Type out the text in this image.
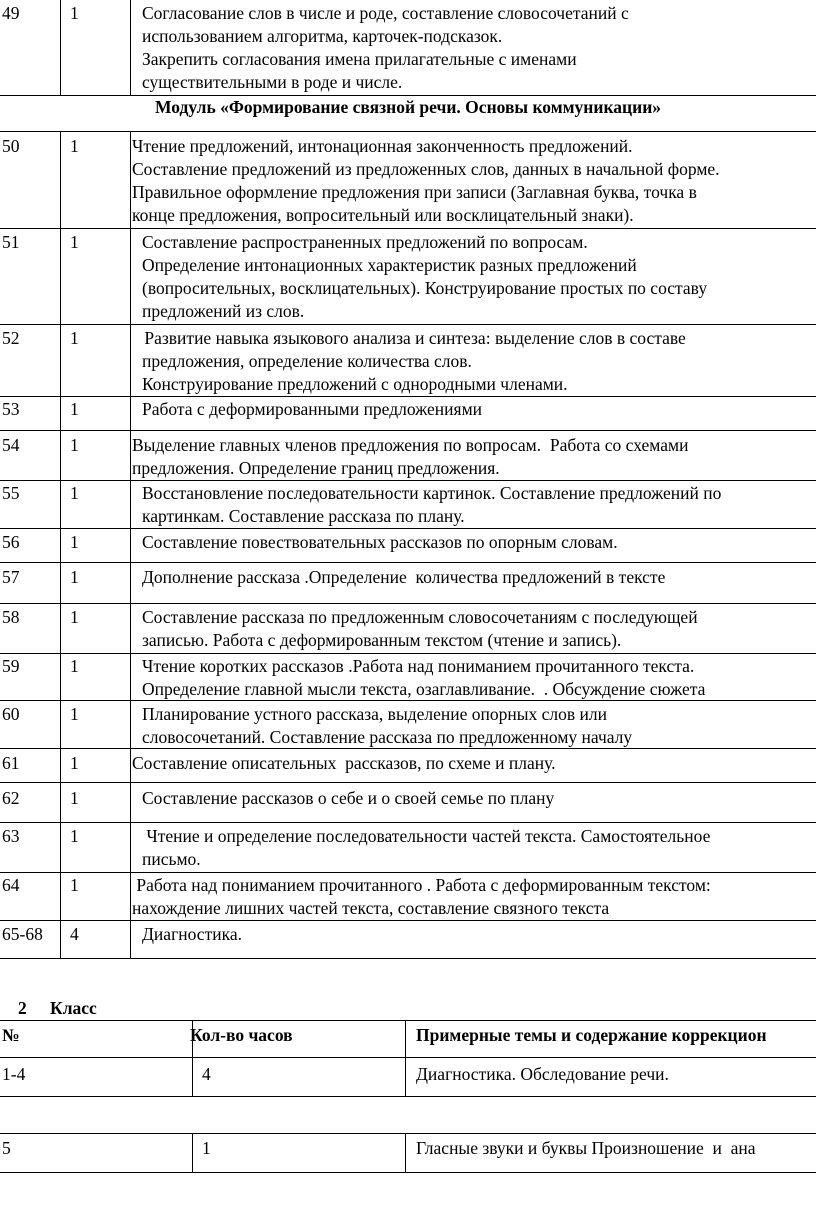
49	1	Согласование слов в числе и роде, составление словосочетаний с
использованием алгоритма, карточек-подсказок.
Закрепить согласования имена прилагательные с именами
существительными в роде и числе.
Модуль «Формирование связной речи. Основы коммуникации»
50	1	Чтение предложений, интонационная законченность предложений.
Составление предложений из предложенных слов, данных в начальной форме.
Правильное оформление предложения при записи (Заглавная буква, точка в
конце предложения, вопросительный или восклицательный знаки).
51	1	Составление распространенных предложений по вопросам.
Определение интонационных характеристик разных предложений
(вопросительных, восклицательных). Конструирование простых по составу
предложений из слов.
52	1	Развитие навыка языкового анализа и синтеза: выделение слов в составе
предложения, определение количества слов.
Конструирование предложений с однородными членами.
53	1	Работа с деформированными предложениями
54	1	Выделение главных членов предложения по вопросам.  Работа со схемами
предложения. Определение границ предложения.
55	1	Восстановление последовательности картинок. Составление предложений по
картинкам. Составление рассказа по плану.
56	1	Составление повествовательных рассказов по опорным словам.
57	1	Дополнение рассказа .Определение  количества предложений в тексте
58	1	Составление рассказа по предложенным словосочетаниям с последующей
записью. Работа с деформированным текстом (чтение и запись).
59	1	Чтение коротких рассказов .Работа над пониманием прочитанного текста.
Определение главной мысли текста, озаглавливание.  . Обсуждение сюжета
60	1	Планирование устного рассказа, выделение опорных слов или
словосочетаний. Составление рассказа по предложенному началу
61	1	Составление описательных  рассказов, по схеме и плану.
62	1	Составление рассказов о себе и о своей семье по плану
63	1	Чтение и определение последовательности частей текста. Самостоятельное
письмо.
64	1	Работа над пониманием прочитанного . Работа с деформированным текстом:
нахождение лишних частей текста, составление связного текста
65-68 4	Диагностика.
2 Класс
№	Кол-во часов	Примерные темы и содержание коррекцион
1-4	4	Диагностика. Обследование речи.
5	1	Гласные звуки и буквы Произношение  и  ана
